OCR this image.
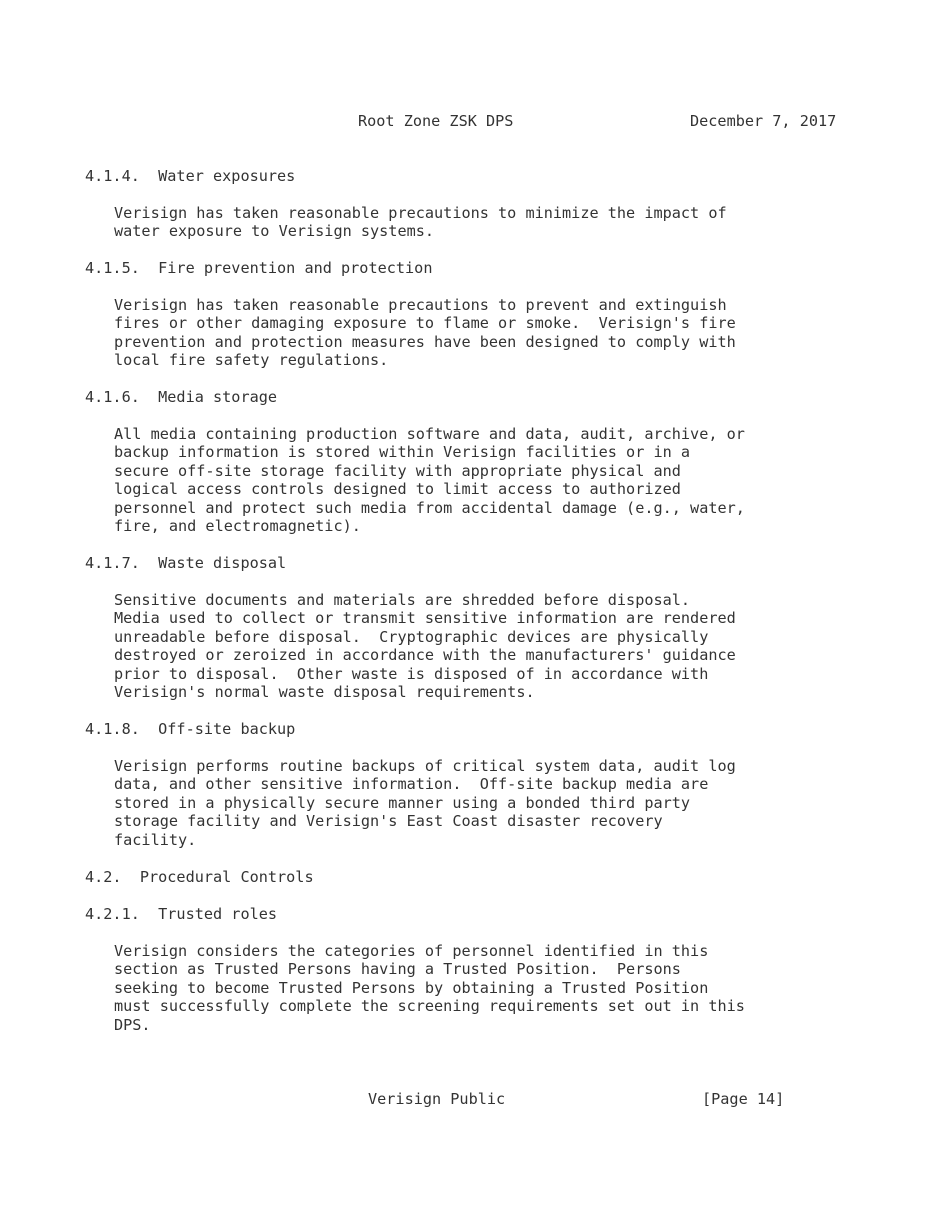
Root Zone ZSK DPS	December 7, 2017
4.1.4.  Water exposures
Verisign has taken reasonable precautions to minimize the impact of
water exposure to Verisign systems.
4.1.5.  Fire prevention and protection
Verisign has taken reasonable precautions to prevent and extinguish
fires or other damaging exposure to flame or smoke.  Verisign's fire
prevention and protection measures have been designed to comply with
local fire safety regulations.
4.1.6.  Media storage
All media containing production software and data, audit, archive, or
backup information is stored within Verisign facilities or in a
secure off-site storage facility with appropriate physical and
logical access controls designed to limit access to authorized
personnel and protect such media from accidental damage (e.g., water,
fire, and electromagnetic).
4.1.7.  Waste disposal
Sensitive documents and materials are shredded before disposal.
Media used to collect or transmit sensitive information are rendered
unreadable before disposal.  Cryptographic devices are physically
destroyed or zeroized in accordance with the manufacturers' guidance
prior to disposal.  Other waste is disposed of in accordance with
Verisign's normal waste disposal requirements.
4.1.8.  Off-site backup
Verisign performs routine backups of critical system data, audit log
data, and other sensitive information.  Off-site backup media are
stored in a physically secure manner using a bonded third party
storage facility and Verisign's East Coast disaster recovery
facility.
4.2.  Procedural Controls
4.2.1.  Trusted roles
Verisign considers the categories of personnel identified in this
section as Trusted Persons having a Trusted Position.  Persons
seeking to become Trusted Persons by obtaining a Trusted Position
must successfully complete the screening requirements set out in this
DPS.
Verisign Public	[Page 14]
